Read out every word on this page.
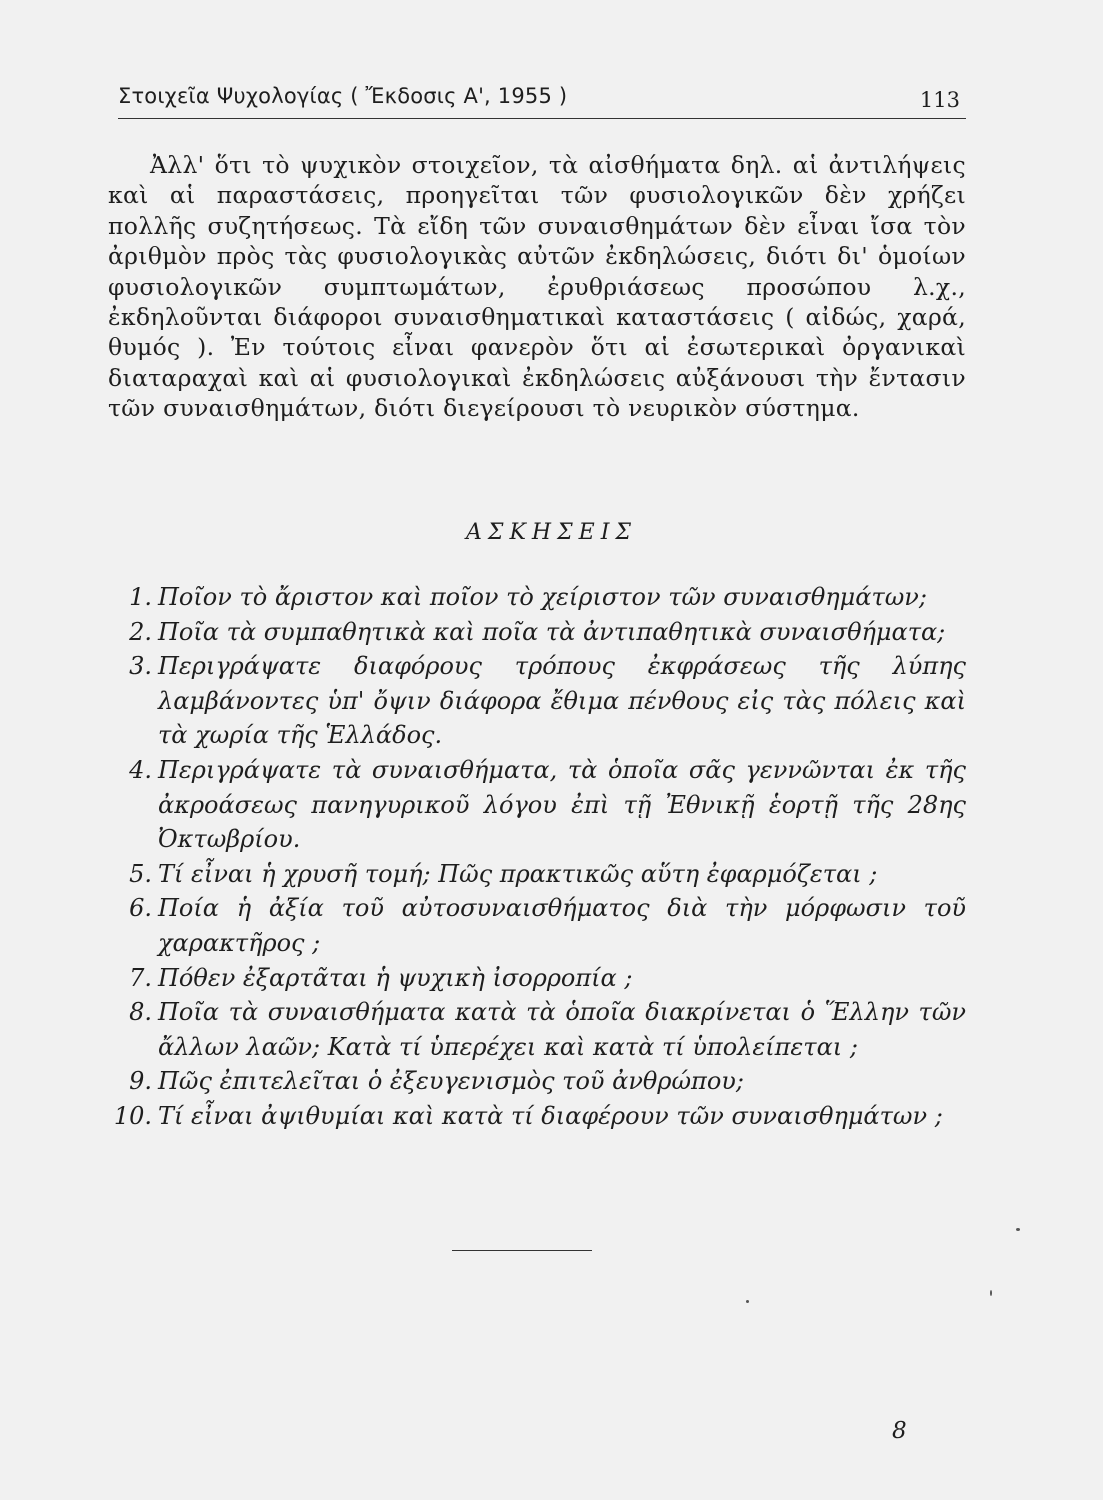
Στοιχεῖα Ψυχολογίας ( Ἔκδοσις Α', 1955 )	113

Ἀλλ' ὅτι τὸ ψυχικὸν στοιχεῖον, τὰ αἰσθήματα δηλ. αἱ ἀντιλήψεις καὶ αἱ παραστάσεις, προηγεῖται τῶν φυσιολογικῶν δὲν χρήζει πολλῆς συζητήσεως. Τὰ εἴδη τῶν συναισθημάτων δὲν εἶναι ἴσα τὸν ἀριθμὸν πρὸς τὰς φυσιολογικὰς αὐτῶν ἐκδηλώσεις, διότι δι' ὁμοίων φυσιολογικῶν συμπτωμάτων, ἐρυθριάσεως προσώπου λ.χ., ἐκδηλοῦνται διάφοροι συναισθηματικαὶ καταστάσεις ( αἰδώς, χαρά, θυμός ). Ἐν τούτοις εἶναι φανερὸν ὅτι αἱ ἐσωτερικαὶ ὀργανικαὶ διαταραχαὶ καὶ αἱ φυσιολογικαὶ ἐκδηλώσεις αὐξάνουσι τὴν ἔντασιν τῶν συναισθημάτων, διότι διεγείρουσι τὸ νευρικὸν σύστημα.

ΑΣΚΗΣΕΙΣ
1. Ποῖον τὸ ἄριστον καὶ ποῖον τὸ χείριστον τῶν συναισθημάτων;
2. Ποῖα τὰ συμπαθητικὰ καὶ ποῖα τὰ ἀντιπαθητικὰ συναισθήματα;
3. Περιγράψατε διαφόρους τρόπους ἐκφράσεως τῆς λύπης λαμβάνοντες ὑπ' ὄψιν διάφορα ἔθιμα πένθους εἰς τὰς πόλεις καὶ τὰ χωρία τῆς Ἑλλάδος.
4. Περιγράψατε τὰ συναισθήματα, τὰ ὁποῖα σᾶς γεννῶνται ἐκ τῆς ἀκροάσεως πανηγυρικοῦ λόγου ἐπὶ τῇ Ἐθνικῇ ἑορτῇ τῆς 28ης Ὀκτωβρίου.
5. Τί εἶναι ἡ χρυσῆ τομή; Πῶς πρακτικῶς αὕτη ἐφαρμόζεται ;
6. Ποία ἡ ἀξία τοῦ αὐτοσυναισθήματος διὰ τὴν μόρφωσιν τοῦ χαρακτῆρος ;
7. Πόθεν ἐξαρτᾶται ἡ ψυχικὴ ἰσορροπία ;
8. Ποῖα τὰ συναισθήματα κατὰ τὰ ὁποῖα διακρίνεται ὁ Ἕλλην τῶν ἄλλων λαῶν; Κατὰ τί ὑπερέχει καὶ κατὰ τί ὑπολείπεται ;
9. Πῶς ἐπιτελεῖται ὁ ἐξευγενισμὸς τοῦ ἀνθρώπου;
10. Τί εἶναι ἀψιθυμίαι καὶ κατὰ τί διαφέρουν τῶν συναισθημάτων ;
8
